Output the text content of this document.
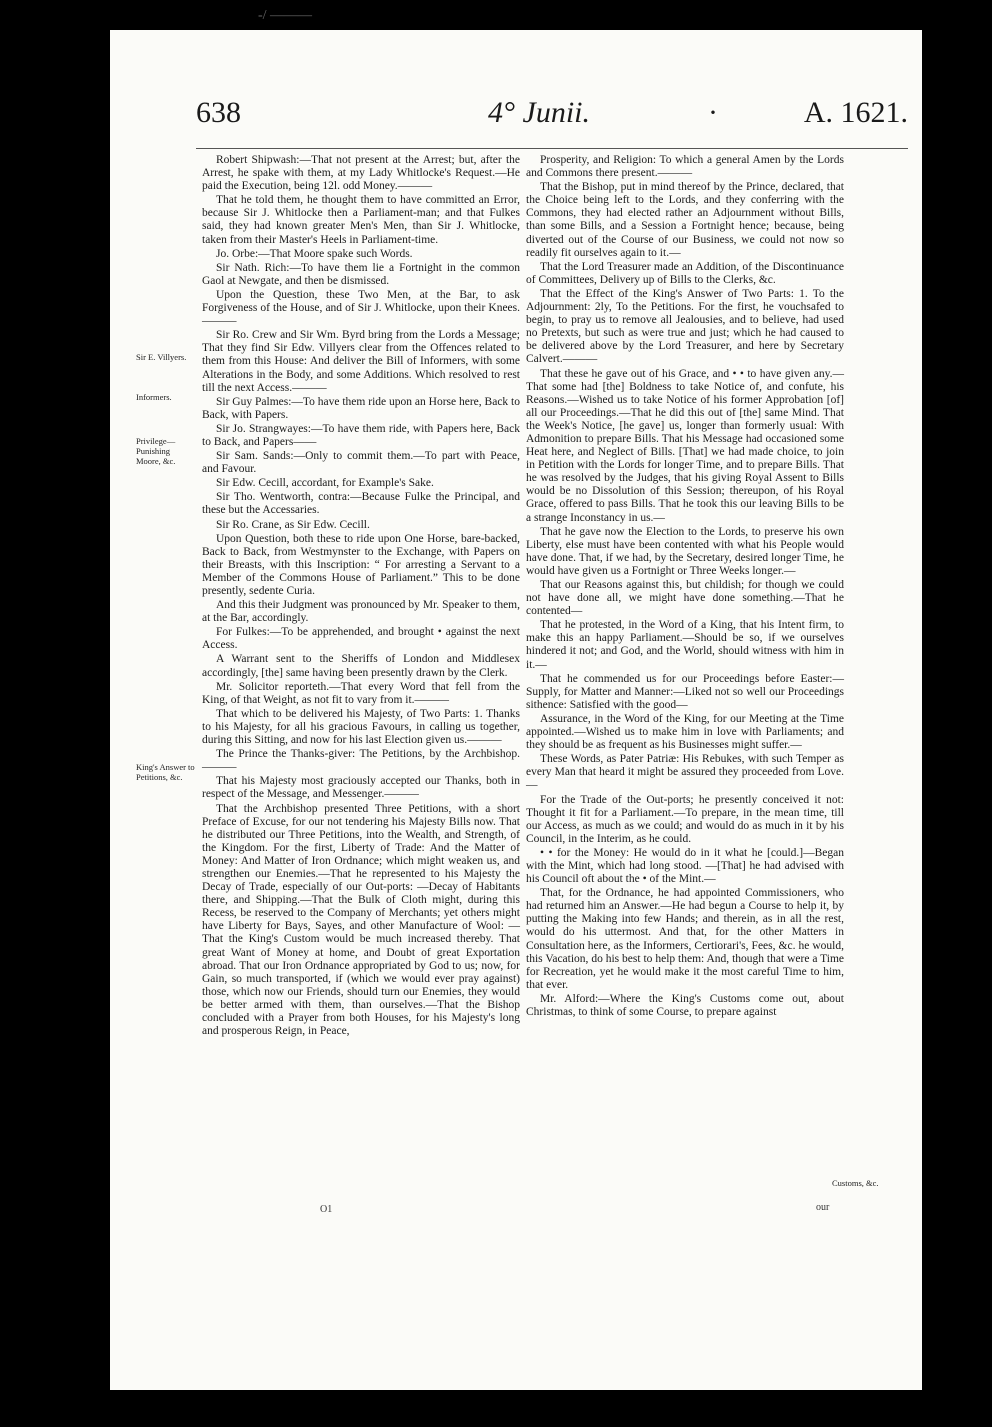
-/ ———
638	4° Junii.	·	A. 1621.
Sir E. Villyers.
Informers.
Privilege— Punishing Moore, &c.
King's Answer to Petitions, &c.
Customs, &c.

Robert Shipwash:—That not present at the Arrest; but, after the Arrest, he spake with them, at my Lady Whitlocke's Request.—He paid the Execution, being 12l. odd Money.———

That he told them, he thought them to have committed an Error, because Sir J. Whitlocke then a Parliament-man; and that Fulkes said, they had known greater Men's Men, than Sir J. Whitlocke, taken from their Master's Heels in Parliament-time.

Jo. Orbe:—That Moore spake such Words.

Sir Nath. Rich:—To have them lie a Fortnight in the common Gaol at Newgate, and then be dismissed.

Upon the Question, these Two Men, at the Bar, to ask Forgiveness of the House, and of Sir J. Whitlocke, upon their Knees.———

Sir Ro. Crew and Sir Wm. Byrd bring from the Lords a Message; That they find Sir Edw. Villyers clear from the Offences related to them from this House: And deliver the Bill of Informers, with some Alterations in the Body, and some Additions. Which resolved to rest till the next Access.———

Sir Guy Palmes:—To have them ride upon an Horse here, Back to Back, with Papers.

Sir Jo. Strangwayes:—To have them ride, with Papers here, Back to Back, and Papers——

Sir Sam. Sands:—Only to commit them.—To part with Peace, and Favour.

Sir Edw. Cecill, accordant, for Example's Sake.

Sir Tho. Wentworth, contra:—Because Fulke the Principal, and these but the Accessaries.

Sir Ro. Crane, as Sir Edw. Cecill.

Upon Question, both these to ride upon One Horse, bare-backed, Back to Back, from Westmynster to the Exchange, with Papers on their Breasts, with this Inscription: “ For arresting a Servant to a Member of the Commons House of Parliament.” This to be done presently, sedente Curia.

And this their Judgment was pronounced by Mr. Speaker to them, at the Bar, accordingly.

For Fulkes:—To be apprehended, and brought • against the next Access.

A Warrant sent to the Sheriffs of London and Middlesex accordingly, [the] same having been presently drawn by the Clerk.

Mr. Solicitor reporteth.—That every Word that fell from the King, of that Weight, as not fit to vary from it.———

That which to be delivered his Majesty, of Two Parts: 1. Thanks to his Majesty, for all his gracious Favours, in calling us together, during this Sitting, and now for his last Election given us.———

The Prince the Thanks-giver: The Petitions, by the Archbishop.———

That his Majesty most graciously accepted our Thanks, both in respect of the Message, and Messenger.———

That the Archbishop presented Three Petitions, with a short Preface of Excuse, for our not tendering his Majesty Bills now. That he distributed our Three Petitions, into the Wealth, and Strength, of the Kingdom. For the first, Liberty of Trade: And the Matter of Money: And Matter of Iron Ordnance; which might weaken us, and strengthen our Enemies.—That he represented to his Majesty the Decay of Trade, especially of our Out-ports: —Decay of Habitants there, and Shipping.—That the Bulk of Cloth might, during this Recess, be reserved to the Company of Merchants; yet others might have Liberty for Bays, Sayes, and other Manufacture of Wool: —That the King's Custom would be much increased thereby. That great Want of Money at home, and Doubt of great Exportation abroad. That our Iron Ordnance appropriated by God to us; now, for Gain, so much transported, if (which we would ever pray against) those, which now our Friends, should turn our Enemies, they would be better armed with them, than ourselves.—That the Bishop concluded with a Prayer from both Houses, for his Majesty's long and prosperous Reign, in Peace,

Prosperity, and Religion: To which a general Amen by the Lords and Commons there present.———

That the Bishop, put in mind thereof by the Prince, declared, that the Choice being left to the Lords, and they conferring with the Commons, they had elected rather an Adjournment without Bills, than some Bills, and a Session a Fortnight hence; because, being diverted out of the Course of our Business, we could not now so readily fit ourselves again to it.—

That the Lord Treasurer made an Addition, of the Discontinuance of Committees, Delivery up of Bills to the Clerks, &c.

That the Effect of the King's Answer of Two Parts: 1. To the Adjournment: 2ly, To the Petitions. For the first, he vouchsafed to begin, to pray us to remove all Jealousies, and to believe, had used no Pretexts, but such as were true and just; which he had caused to be delivered above by the Lord Treasurer, and here by Secretary Calvert.———

That these he gave out of his Grace, and • • to have given any.—That some had [the] Boldness to take Notice of, and confute, his Reasons.—Wished us to take Notice of his former Approbation [of] all our Proceedings.—That he did this out of [the] same Mind. That the Week's Notice, [he gave] us, longer than formerly usual: With Admonition to prepare Bills. That his Message had occasioned some Heat here, and Neglect of Bills. [That] we had made choice, to join in Petition with the Lords for longer Time, and to prepare Bills. That he was resolved by the Judges, that his giving Royal Assent to Bills would be no Dissolution of this Session; thereupon, of his Royal Grace, offered to pass Bills. That he took this our leaving Bills to be a strange Inconstancy in us.—

That he gave now the Election to the Lords, to preserve his own Liberty, else must have been contented with what his People would have done. That, if we had, by the Secretary, desired longer Time, he would have given us a Fortnight or Three Weeks longer.—

That our Reasons against this, but childish; for though we could not have done all, we might have done something.—That he contented—

That he protested, in the Word of a King, that his Intent firm, to make this an happy Parliament.—Should be so, if we ourselves hindered it not; and God, and the World, should witness with him in it.—

That he commended us for our Proceedings before Easter:—Supply, for Matter and Manner:—Liked not so well our Proceedings sithence: Satisfied with the good—

Assurance, in the Word of the King, for our Meeting at the Time appointed.—Wished us to make him in love with Parliaments; and they should be as frequent as his Businesses might suffer.—

These Words, as Pater Patriæ: His Rebukes, with such Temper as every Man that heard it might be assured they proceeded from Love.—

For the Trade of the Out-ports; he presently conceived it not: Thought it fit for a Parliament.—To prepare, in the mean time, till our Access, as much as we could; and would do as much in it by his Council, in the Interim, as he could.

• • for the Money: He would do in it what he [could.]—Began with the Mint, which had long stood. —[That] he had advised with his Council oft about the • of the Mint.—

That, for the Ordnance, he had appointed Commissioners, who had returned him an Answer.—He had begun a Course to help it, by putting the Making into few Hands; and therein, as in all the rest, would do his uttermost. And that, for the other Matters in Consultation here, as the Informers, Certiorari's, Fees, &c. he would, this Vacation, do his best to help them: And, though that were a Time for Recreation, yet he would make it the most careful Time to him, that ever.

Mr. Alford:—Where the King's Customs come out, about Christmas, to think of some Course, to prepare against

O1	our
